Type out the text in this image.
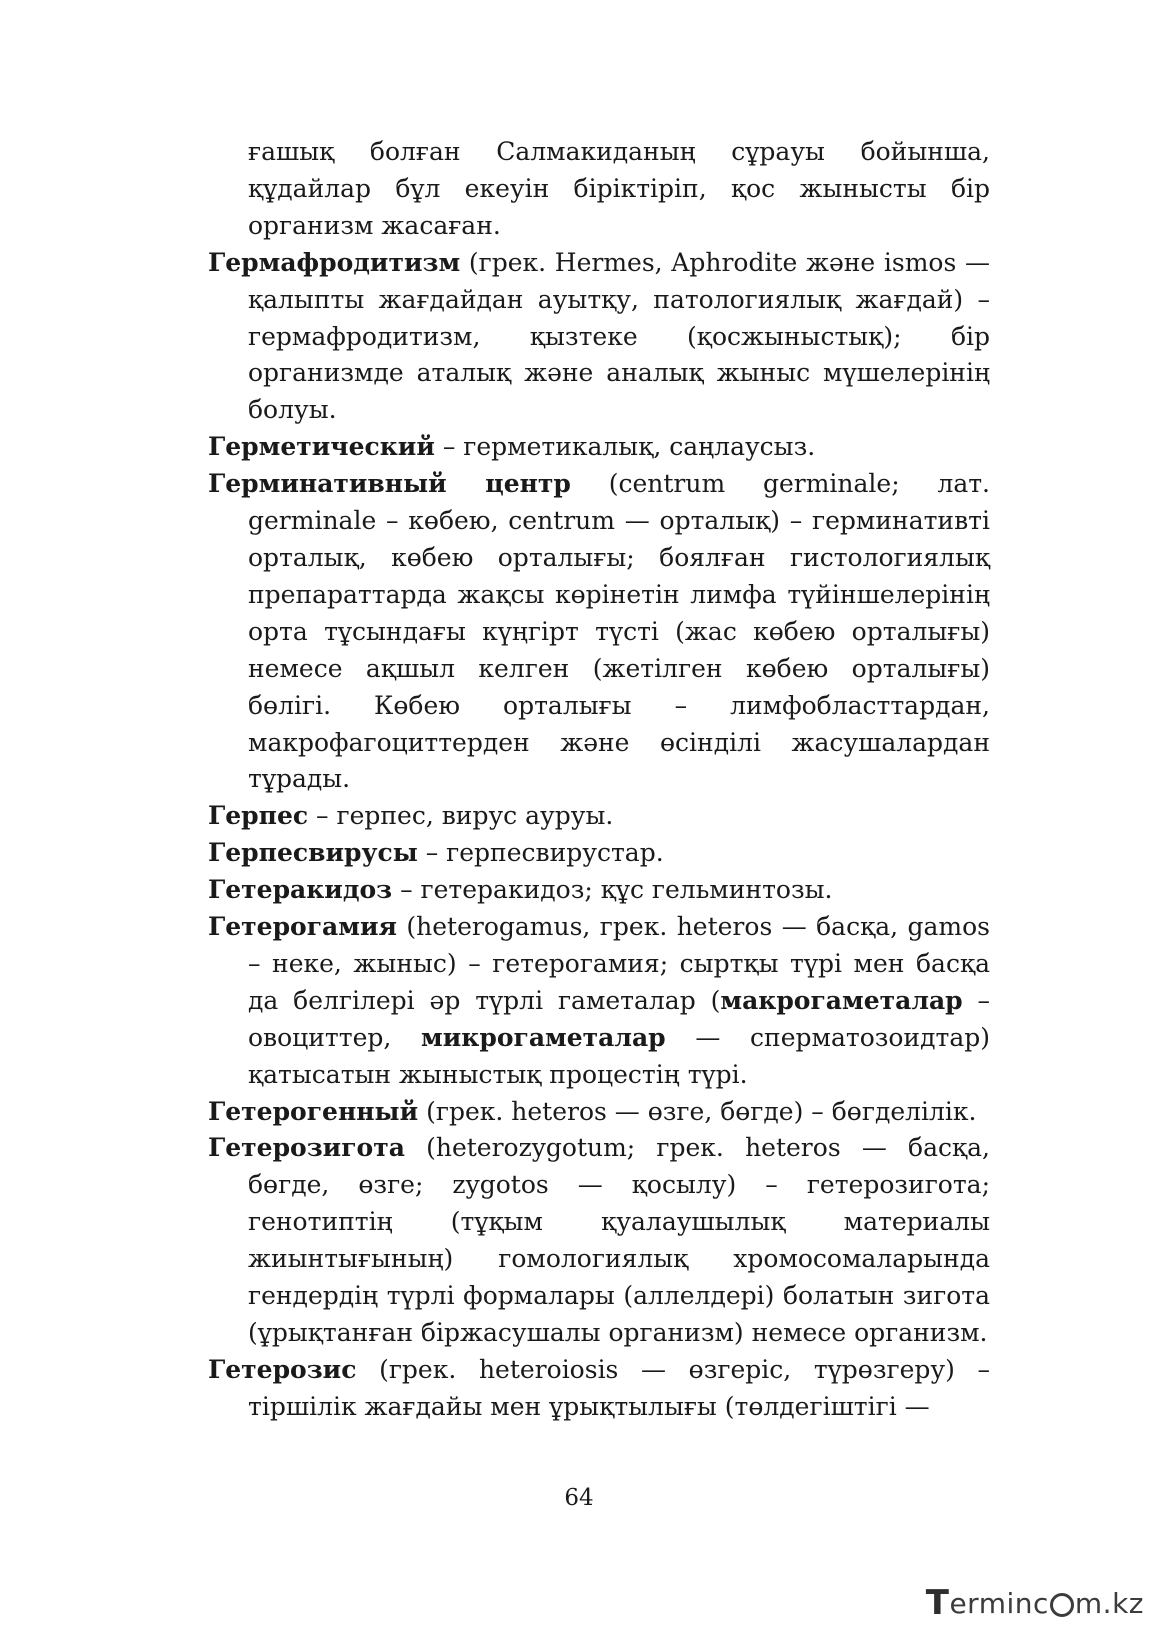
ғашық болған Салмакиданың сұрауы бойынша, құдайлар бұл екеуін біріктіріп, қос жынысты бір организм жасаған.

Гермафродитизм (грек. Hermes, Aphrodite және ismos — қалыпты жағдайдан ауытқу, патологиялық жағдай) – гермафродитизм, қызтеке (қосжыныстық); бір организмде аталық және аналық жыныс мүшелерінің болуы.

Герметический – герметикалық, саңлаусыз.

Герминативный центр (centrum germinale; лат. germinale – көбею, centrum — орталық) – герминативті орталық, көбею орталығы; боялған гистологиялық препараттарда жақсы көрінетін лимфа түйіншелерінің орта тұсындағы күңгірт түсті (жас көбею орталығы) немесе ақшыл келген (жетілген көбею орталығы) бөлігі. Көбею орталығы – лимфобласттардан, макрофагоциттерден және өсінділі жасушалардан тұрады.

Герпес – герпес, вирус ауруы.

Герпесвирусы – герпесвирустар.

Гетеракидоз – гетеракидоз; құс гельминтозы.

Гетерогамия (heterogamus, грек. heteros — басқа, gamos – неке, жыныс) – гетерогамия; сыртқы түрі мен басқа да белгілері әр түрлі гаметалар (макрогаметалар – овоциттер, микрогаметалар — сперматозоидтар) қатысатын жыныстық процестің түрі.

Гетерогенный (грек. heteros — өзге, бөгде) – бөгделілік.

Гетерозигота (heterozygotum; грек. heteros — басқа, бөгде, өзге; zygotos — қосылу) – гетерозигота; генотиптің (тұқым қуалаушылық материалы жиынтығының) гомологиялық хромосомаларында гендердің түрлі формалары (аллелдері) болатын зигота (ұрықтанған біржасушалы организм) немесе организм.

Гетерозис (грек. heteroiosis — өзгеріс, түрөзгеру) – тіршілік жағдайы мен ұрықтылығы (төлдегіштігі —

64
T erminc m.kz
